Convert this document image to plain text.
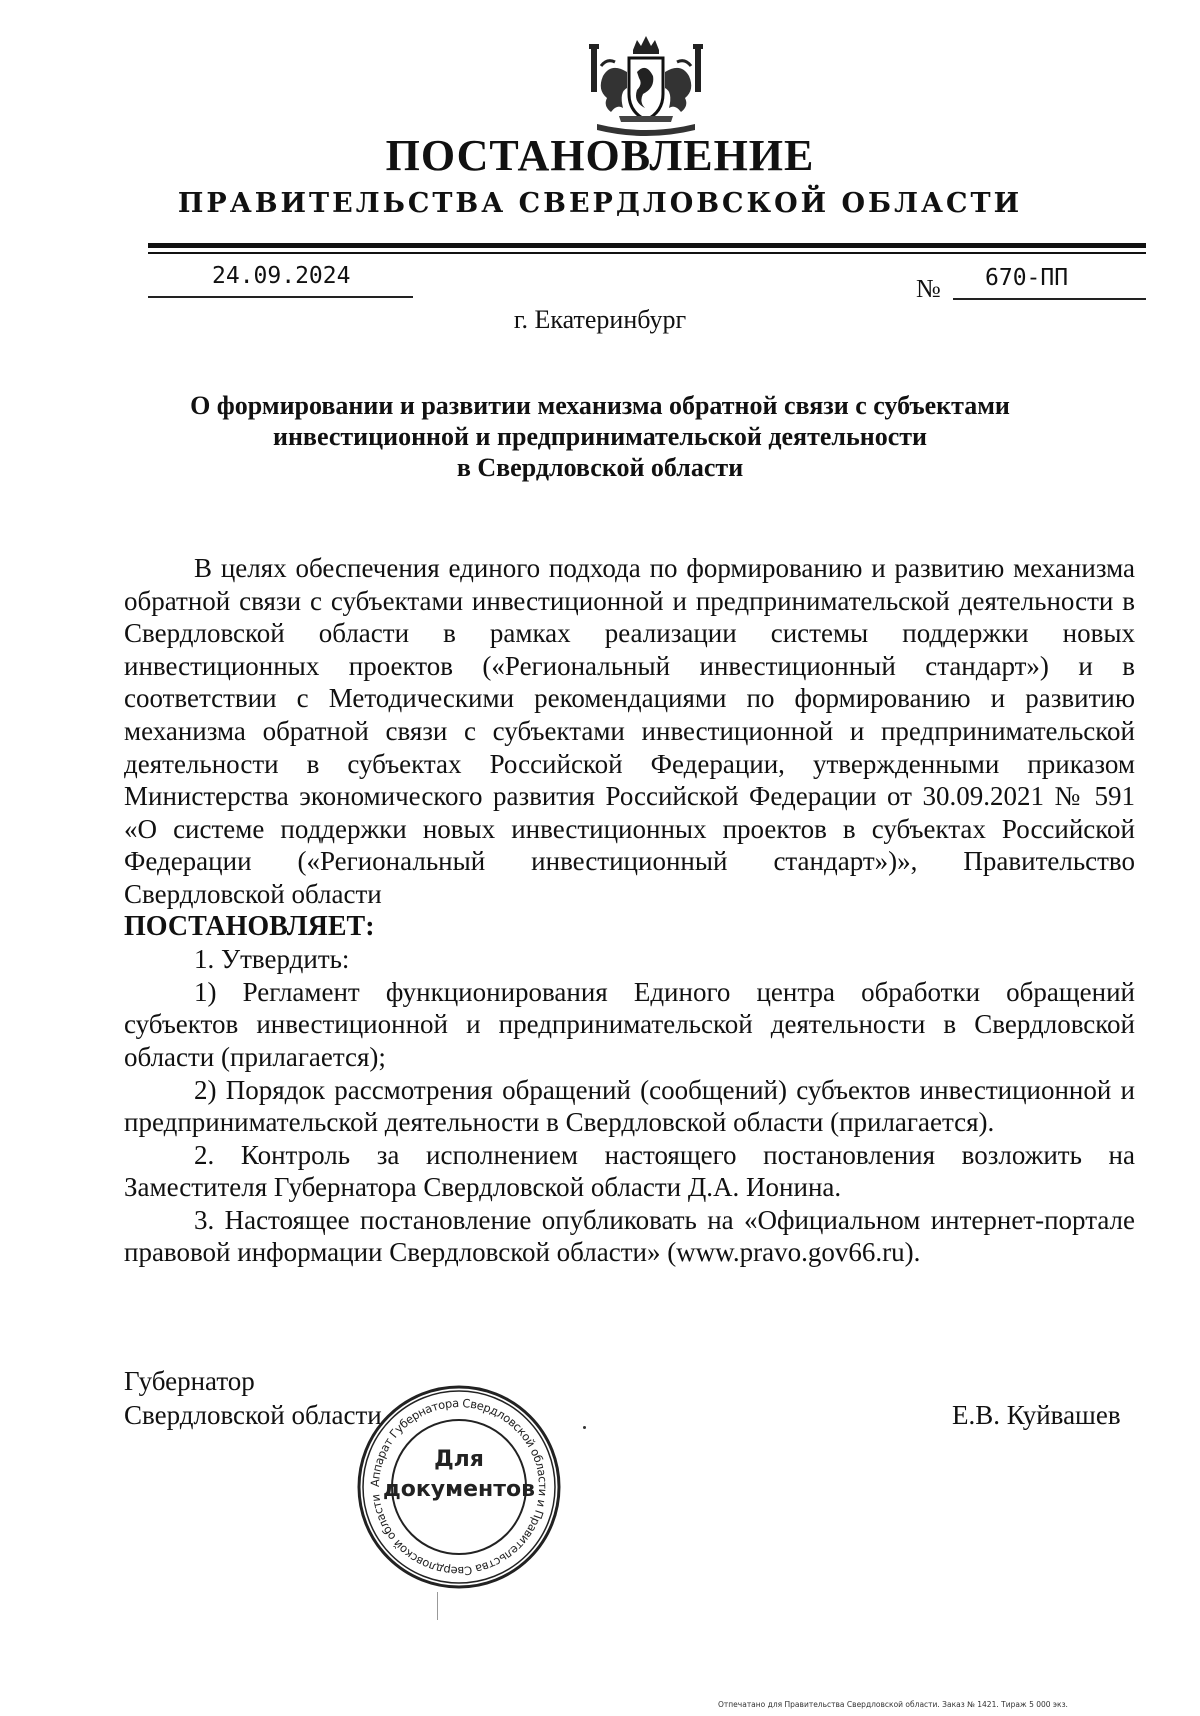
ПОСТАНОВЛЕНИЕ
ПРАВИТЕЛЬСТВА СВЕРДЛОВСКОЙ ОБЛАСТИ
24.09.2024	№ 670-ПП
г. Екатеринбург
О формировании и развитии механизма обратной связи с субъектами
инвестиционной и предпринимательской деятельности
в Свердловской области

В целях обеспечения единого подхода по формированию и развитию механизма обратной связи с субъектами инвестиционной и предпринимательской деятельности в Свердловской области в рамках реализации системы поддержки новых инвестиционных проектов («Региональный инвестиционный стандарт») и в соответствии с Методическими рекомендациями по формированию и развитию механизма обратной связи с субъектами инвестиционной и предпринимательской деятельности в субъектах Российской Федерации, утвержденными приказом Министерства экономического развития Российской Федерации от 30.09.2021 № 591 «О системе поддержки новых инвестиционных проектов в субъектах Российской Федерации («Региональный инвестиционный стандарт»)», Правительство Свердловской области

ПОСТАНОВЛЯЕТ:

1. Утвердить:

1) Регламент функционирования Единого центра обработки обращений субъектов инвестиционной и предпринимательской деятельности в Свердловской области (прилагается);

2) Порядок рассмотрения обращений (сообщений) субъектов инвестиционной и предпринимательской деятельности в Свердловской области (прилагается).

2. Контроль за исполнением настоящего постановления возложить на Заместителя Губернатора Свердловской области Д.А. Ионина.

3. Настоящее постановление опубликовать на «Официальном интернет-портале правовой информации Свердловской области» (www.pravo.gov66.ru).

Губернатор
Свердловской области	Е.В. Куйвашев
Аппарат Губернатора Свердловской области и Правительства Свердловской области
Для
документов
Отпечатано для Правительства Свердловской области. Заказ № 1421. Тираж 5 000 экз.
